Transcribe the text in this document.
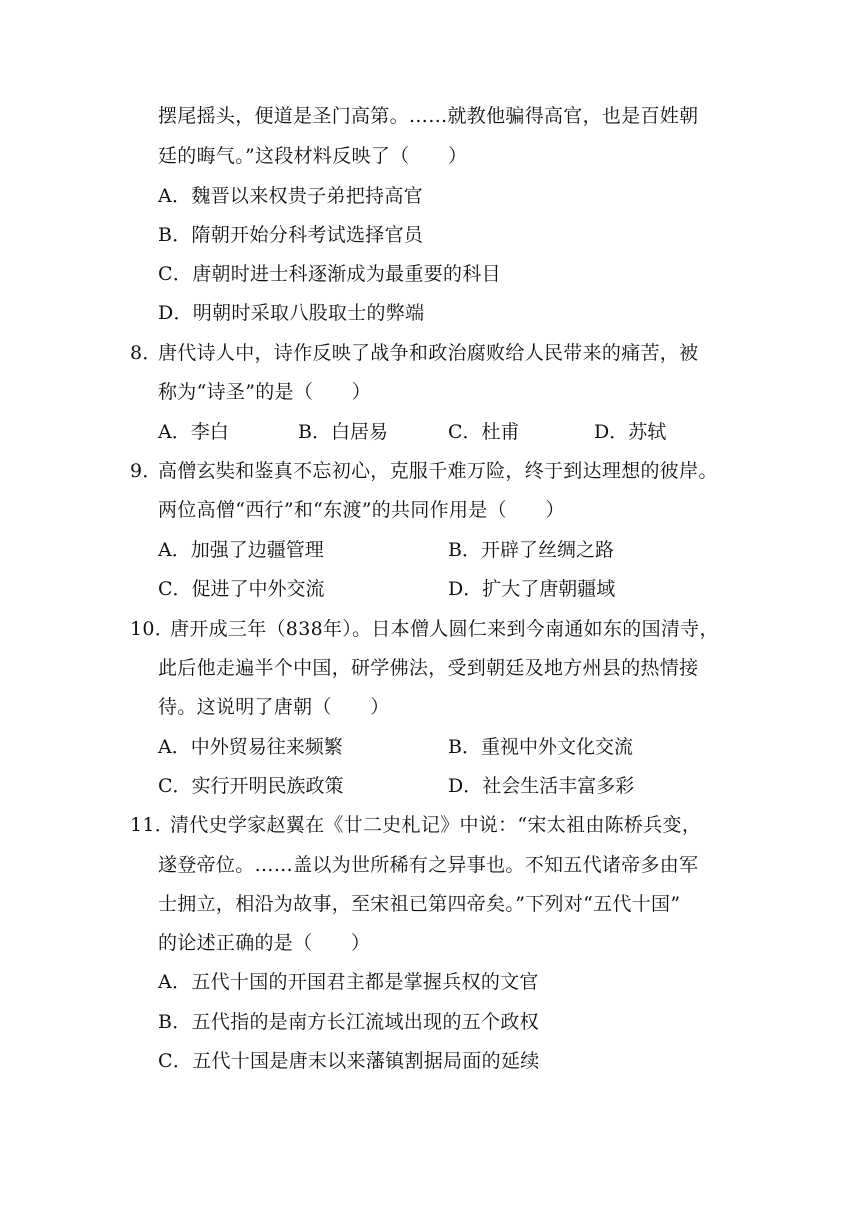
摆尾摇头，便道是圣门高第。……就教他骗得高官，也是百姓朝
廷的晦气。”这段材料反映了（　　）
A．魏晋以来权贵子弟把持高官
B．隋朝开始分科考试选择官员
C．唐朝时进士科逐渐成为最重要的科目
D．明朝时采取八股取士的弊端
8．
唐代诗人中，诗作反映了战争和政治腐败给人民带来的痛苦，被
称为“诗圣”的是（　　）
A．李白	B．白居易	C．杜甫	D．苏轼
9．
高僧玄奘和鉴真不忘初心，克服千难万险，终于到达理想的彼岸。
两位高僧“西行”和“东渡”的共同作用是（　　）
A．加强了边疆管理	B．开辟了丝绸之路
C．促进了中外交流	D．扩大了唐朝疆域
10．
唐开成三年（838年）。日本僧人圆仁来到今南通如东的国清寺，
此后他走遍半个中国，研学佛法，受到朝廷及地方州县的热情接
待。这说明了唐朝（　　）
A．中外贸易往来频繁	B．重视中外文化交流
C．实行开明民族政策	D．社会生活丰富多彩
11．
清代史学家赵翼在《廿二史札记》中说：“宋太祖由陈桥兵变，
遂登帝位。……盖以为世所稀有之异事也。不知五代诸帝多由军
士拥立，相沿为故事，至宋祖已第四帝矣。”下列对“五代十国”
的论述正确的是（　　）
A．五代十国的开国君主都是掌握兵权的文官
B．五代指的是南方长江流域出现的五个政权
C．五代十国是唐末以来藩镇割据局面的延续
